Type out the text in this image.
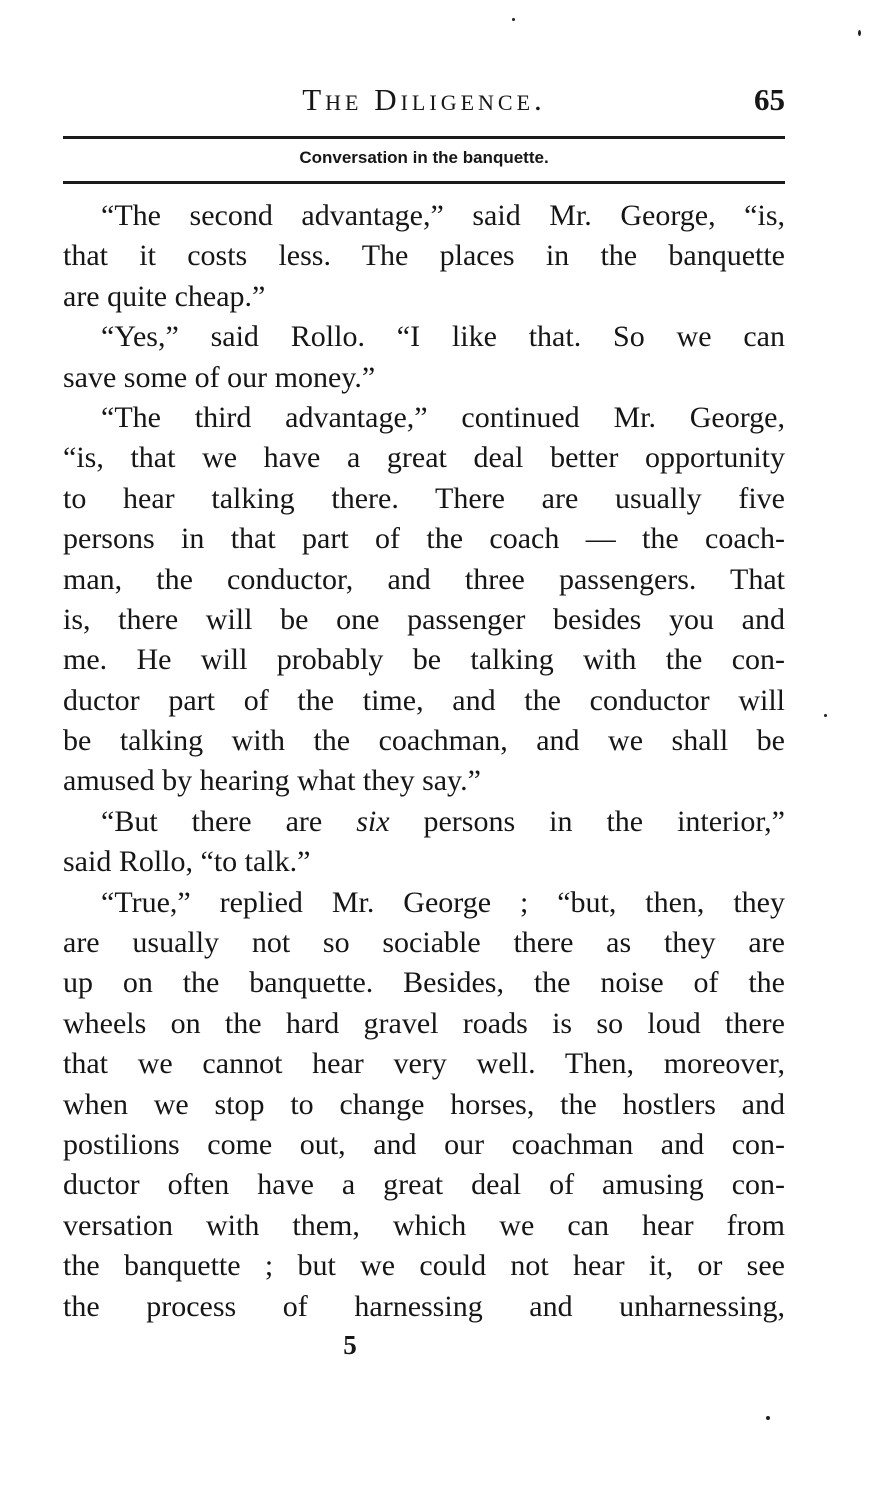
The Diligence.	65
Conversation in the banquette.
“The second advantage,” said Mr. George, “is,
that it costs less. The places in the banquette
are quite cheap.”
“Yes,” said Rollo. “I like that. So we can
save some of our money.”
“The third advantage,” continued Mr. George,
“is, that we have a great deal better opportunity
to hear talking there. There are usually five
persons in that part of the coach — the coach-
man, the conductor, and three passengers. That
is, there will be one passenger besides you and
me. He will probably be talking with the con-
ductor part of the time, and the conductor will
be talking with the coachman, and we shall be
amused by hearing what they say.”
“But there are six persons in the interior,”
said Rollo, “to talk.”
“True,” replied Mr. George ; “but, then, they
are usually not so sociable there as they are
up on the banquette. Besides, the noise of the
wheels on the hard gravel roads is so loud there
that we cannot hear very well. Then, moreover,
when we stop to change horses, the hostlers and
postilions come out, and our coachman and con-
ductor often have a great deal of amusing con-
versation with them, which we can hear from
the banquette ; but we could not hear it, or see
the process of harnessing and unharnessing,
5
